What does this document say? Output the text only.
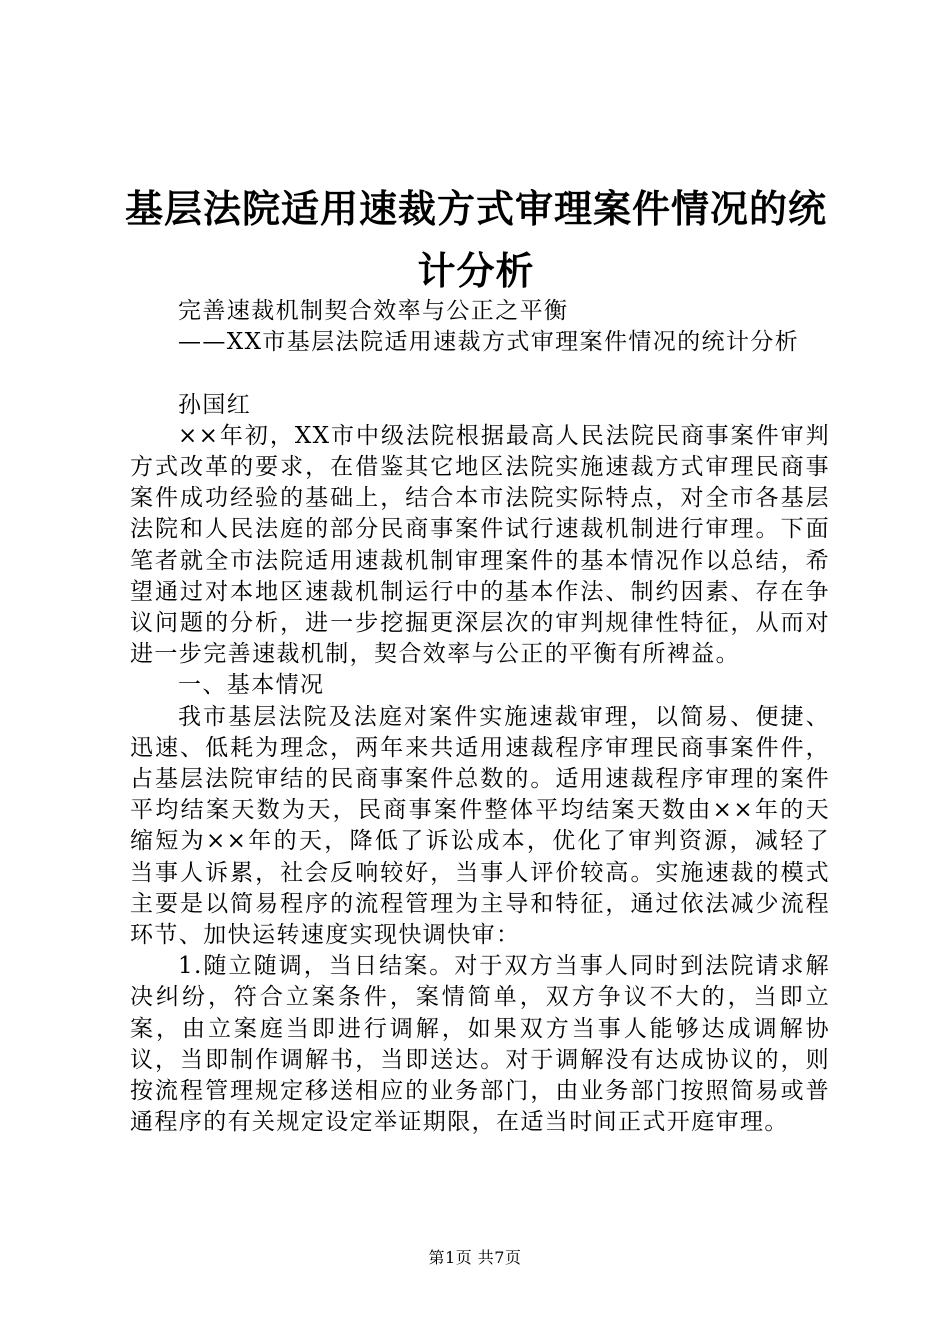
基层法院适用速裁方式审理案件情况的统计分析
完善速裁机制契合效率与公正之平衡
——XX市基层法院适用速裁方式审理案件情况的统计分析
孙国红

××年初，XX市中级法院根据最高人民法院民商事案件审判方式改革的要求，在借鉴其它地区法院实施速裁方式审理民商事案件成功经验的基础上，结合本市法院实际特点，对全市各基层法院和人民法庭的部分民商事案件试行速裁机制进行审理。下面笔者就全市法院适用速裁机制审理案件的基本情况作以总结，希望通过对本地区速裁机制运行中的基本作法、制约因素、存在争议问题的分析，进一步挖掘更深层次的审判规律性特征，从而对进一步完善速裁机制，契合效率与公正的平衡有所裨益。

一、基本情况

我市基层法院及法庭对案件实施速裁审理，以简易、便捷、迅速、低耗为理念，两年来共适用速裁程序审理民商事案件件，占基层法院审结的民商事案件总数的。适用速裁程序审理的案件平均结案天数为天，民商事案件整体平均结案天数由××年的天缩短为××年的天，降低了诉讼成本，优化了审判资源，减轻了当事人诉累，社会反响较好，当事人评价较高。实施速裁的模式主要是以简易程序的流程管理为主导和特征，通过依法减少流程环节、加快运转速度实现快调快审：

1.随立随调，当日结案。对于双方当事人同时到法院请求解决纠纷，符合立案条件，案情简单，双方争议不大的，当即立案，由立案庭当即进行调解，如果双方当事人能够达成调解协议，当即制作调解书，当即送达。对于调解没有达成协议的，则按流程管理规定移送相应的业务部门，由业务部门按照简易或普通程序的有关规定设定举证期限，在适当时间正式开庭审理。

第1页 共7页
